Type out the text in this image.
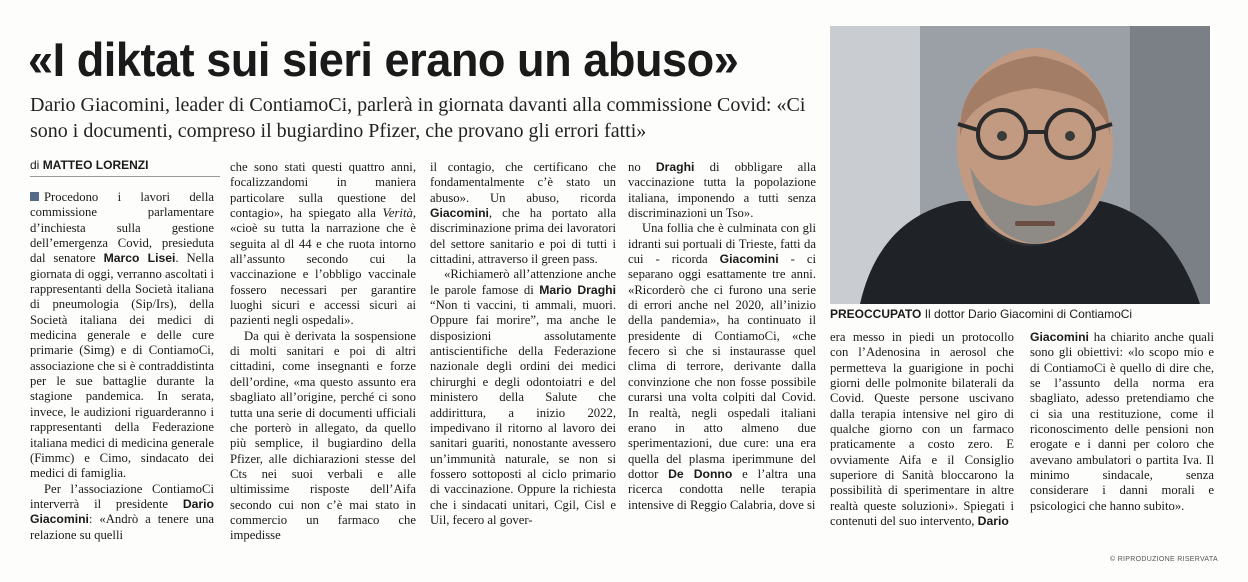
«I diktat sui sieri erano un abuso»

Dario Giacomini, leader di ContiamoCi, parlerà in giornata davanti alla commissione Covid: «Ci sono i documenti, compreso il bugiardino Pfizer, che provano gli errori fatti»

di MATTEO LORENZI

Procedono i lavori della commissione parlamentare d’inchiesta sulla gestione dell’emergenza Covid, presieduta dal senatore Marco Lisei. Nella giornata di oggi, verranno ascoltati i rappresentanti della Società italiana di pneumologia (Sip/Irs), della Società italiana dei medici di medicina generale e delle cure primarie (Simg) e di ContiamoCi, associazione che si è contraddistinta per le sue battaglie durante la stagione pandemica. In serata, invece, le audizioni riguarderanno i rappresentanti della Federazione italiana medici di medicina generale (Fimmc) e Cimo, sindacato dei medici di famiglia.

Per l’associazione ContiamoCi interverrà il presidente Dario Giacomini: «Andrò a tenere una relazione su quelli

che sono stati questi quattro anni, focalizzandomi in maniera particolare sulla questione del contagio», ha spiegato alla Verità, «cioè su tutta la narrazione che è seguita al dl 44 e che ruota intorno all’assunto secondo cui la vaccinazione e l’obbligo vaccinale fossero necessari per garantire luoghi sicuri e accessi sicuri ai pazienti negli ospedali».

Da qui è derivata la sospensione di molti sanitari e poi di altri cittadini, come insegnanti e forze dell’ordine, «ma questo assunto era sbagliato all’origine, perché ci sono tutta una serie di documenti ufficiali che porterò in allegato, da quello più semplice, il bugiardino della Pfizer, alle dichiarazioni stesse del Cts nei suoi verbali e alle ultimissime risposte dell’Aifa secondo cui non c’è mai stato in commercio un farmaco che impedisse

il contagio, che certificano che fondamentalmente c’è stato un abuso». Un abuso, ricorda Giacomini, che ha portato alla discriminazione prima dei lavoratori del settore sanitario e poi di tutti i cittadini, attraverso il green pass.

«Richiamerò all’attenzione anche le parole famose di Mario Draghi “Non ti vaccini, ti ammali, muori. Oppure fai morire”, ma anche le disposizioni assolutamente antiscientifiche della Federazione nazionale degli ordini dei medici chirurghi e degli odontoiatri e del ministero della Salute che addirittura, a inizio 2022, impedivano il ritorno al lavoro dei sanitari guariti, nonostante avessero un’immunità naturale, se non si fossero sottoposti al ciclo primario di vaccinazione. Oppure la richiesta che i sindacati unitari, Cgil, Cisl e Uil, fecero al gover-

no Draghi di obbligare alla vaccinazione tutta la popolazione italiana, imponendo a tutti senza discriminazioni un Tso».

Una follia che è culminata con gli idranti sui portuali di Trieste, fatti da cui - ricorda Giacomini - ci separano oggi esattamente tre anni. «Ricorderò che ci furono una serie di errori anche nel 2020, all’inizio della pandemia», ha continuato il presidente di ContiamoCi, «che fecero sì che si instaurasse quel clima di terrore, derivante dalla convinzione che non fosse possibile curarsi una volta colpiti dal Covid. In realtà, negli ospedali italiani erano in atto almeno due sperimentazioni, due cure: una era quella del plasma iperimmune del dottor De Donno e l’altra una ricerca condotta nelle terapia intensive di Reggio Calabria, dove si

PREOCCUPATO Il dottor Dario Giacomini di ContiamoCi

era messo in piedi un protocollo con l’Adenosina in aerosol che permetteva la guarigione in pochi giorni delle polmonite bilaterali da Covid. Queste persone uscivano dalla terapia intensive nel giro di qualche giorno con un farmaco praticamente a costo zero. E ovviamente Aifa e il Consiglio superiore di Sanità bloccarono la possibilità di sperimentare in altre realtà queste soluzioni». Spiegati i contenuti del suo intervento, Dario

Giacomini ha chiarito anche quali sono gli obiettivi: «lo scopo mio e di ContiamoCi è quello di dire che, se l’assunto della norma era sbagliato, adesso pretendiamo che ci sia una restituzione, come il riconoscimento delle pensioni non erogate e i danni per coloro che avevano ambulatori o partita Iva. Il minimo sindacale, senza considerare i danni morali e psicologici che hanno subito».

© RIPRODUZIONE RISERVATA
